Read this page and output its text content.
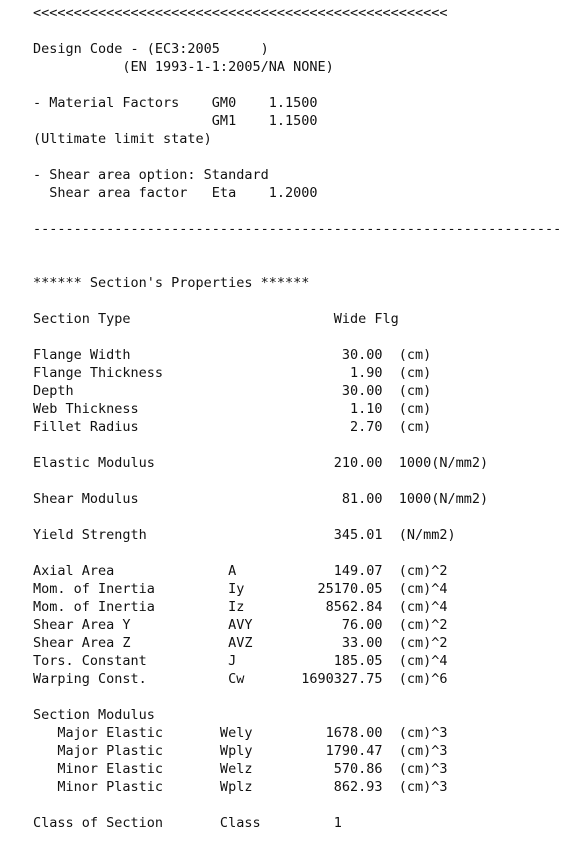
<<<<<<<<<<<<<<<<<<<<<<<<<<<<<<<<<<<<<<<<<<<<<<<<<<<
Design Code - (EC3:2005     )
(EN 1993-1-1:2005/NA NONE)
- Material Factors    GM0    1.1500
GM1    1.1500
(Ultimate limit state)
- Shear area option: Standard
Shear area factor   Eta    1.2000
-----------------------------------------------------------------
****** Section's Properties ******
Section Type                         Wide Flg
Flange Width                          30.00  (cm)
Flange Thickness                       1.90  (cm)
Depth                                 30.00  (cm)
Web Thickness                          1.10  (cm)
Fillet Radius                          2.70  (cm)
Elastic Modulus                      210.00  1000(N/mm2)
Shear Modulus                         81.00  1000(N/mm2)
Yield Strength                       345.01  (N/mm2)
Axial Area              A            149.07  (cm)^2
Mom. of Inertia         Iy         25170.05  (cm)^4
Mom. of Inertia         Iz          8562.84  (cm)^4
Shear Area Y            AVY           76.00  (cm)^2
Shear Area Z            AVZ           33.00  (cm)^2
Tors. Constant          J            185.05  (cm)^4
Warping Const.          Cw       1690327.75  (cm)^6
Section Modulus
Major Elastic       Wely         1678.00  (cm)^3
Major Plastic       Wply         1790.47  (cm)^3
Minor Elastic       Welz          570.86  (cm)^3
Minor Plastic       Wplz          862.93  (cm)^3
Class of Section       Class         1
